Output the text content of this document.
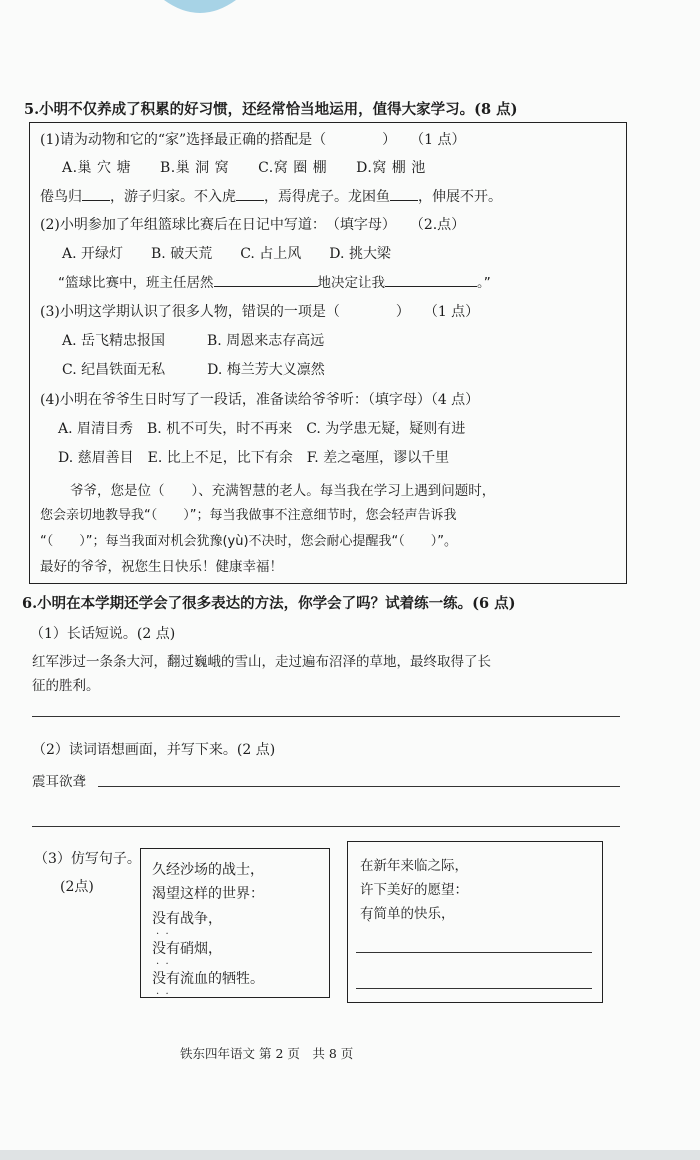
5.小明不仅养成了积累的好习惯，还经常恰当地运用，值得大家学习。(8 点)
(1)请为动物和它的“家”选择最正确的搭配是（　　　　）　　（1 点）
A.巢 穴 塘　　B.巢 洞 窝　　C.窝 圈 棚　　D.窝 棚 池
倦鸟归 ，游子归家。不入虎 ，焉得虎子。龙困鱼 ，伸展不开。
(2)小明参加了年组篮球比赛后在日记中写道：　（填字母）　　（2.点）
A. 开绿灯　　B. 破天荒　　C. 占上风　　D. 挑大梁
“篮球比赛中，班主任居然	地决定让我	。”
(3)小明这学期认识了很多人物，错误的一项是（　　　　）　　（1 点）
A. 岳飞精忠报国　　　B. 周恩来志存高远
C. 纪昌铁面无私　　　D. 梅兰芳大义凛然
(4)小明在爷爷生日时写了一段话，准备读给爷爷听：（填字母）（4 点）
A. 眉清目秀　B. 机不可失，时不再来　C. 为学患无疑，疑则有进
D. 慈眉善目　E. 比上不足，比下有余　F. 差之毫厘，谬以千里
爷爷，您是位（　　）、充满智慧的老人。每当我在学习上遇到问题时，
您会亲切地教导我“（　　）”；每当我做事不注意细节时，您会轻声告诉我
“（　　）”；每当我面对机会犹豫(yù)不决时，您会耐心提醒我“（　　）”。
最好的爷爷，祝您生日快乐！健康幸福！
6.小明在本学期还学会了很多表达的方法，你学会了吗？试着练一练。(6 点)
（1）长话短说。(2 点)
红军涉过一条条大河，翻过巍峨的雪山，走过遍布沼泽的草地，最终取得了长
征的胜利。
（2）读词语想画面，并写下来。(2 点)
震耳欲聋
（3）仿写句子。
(2点)
久经沙场的战士，
渴望这样的世界：
没有战争，
没有硝烟，
没有流血的牺牲。
·  ·
·  ·
·  ·
在新年来临之际，
许下美好的愿望：
有简单的快乐，
ˋ
铁东四年语文 第 2 页　共 8 页
